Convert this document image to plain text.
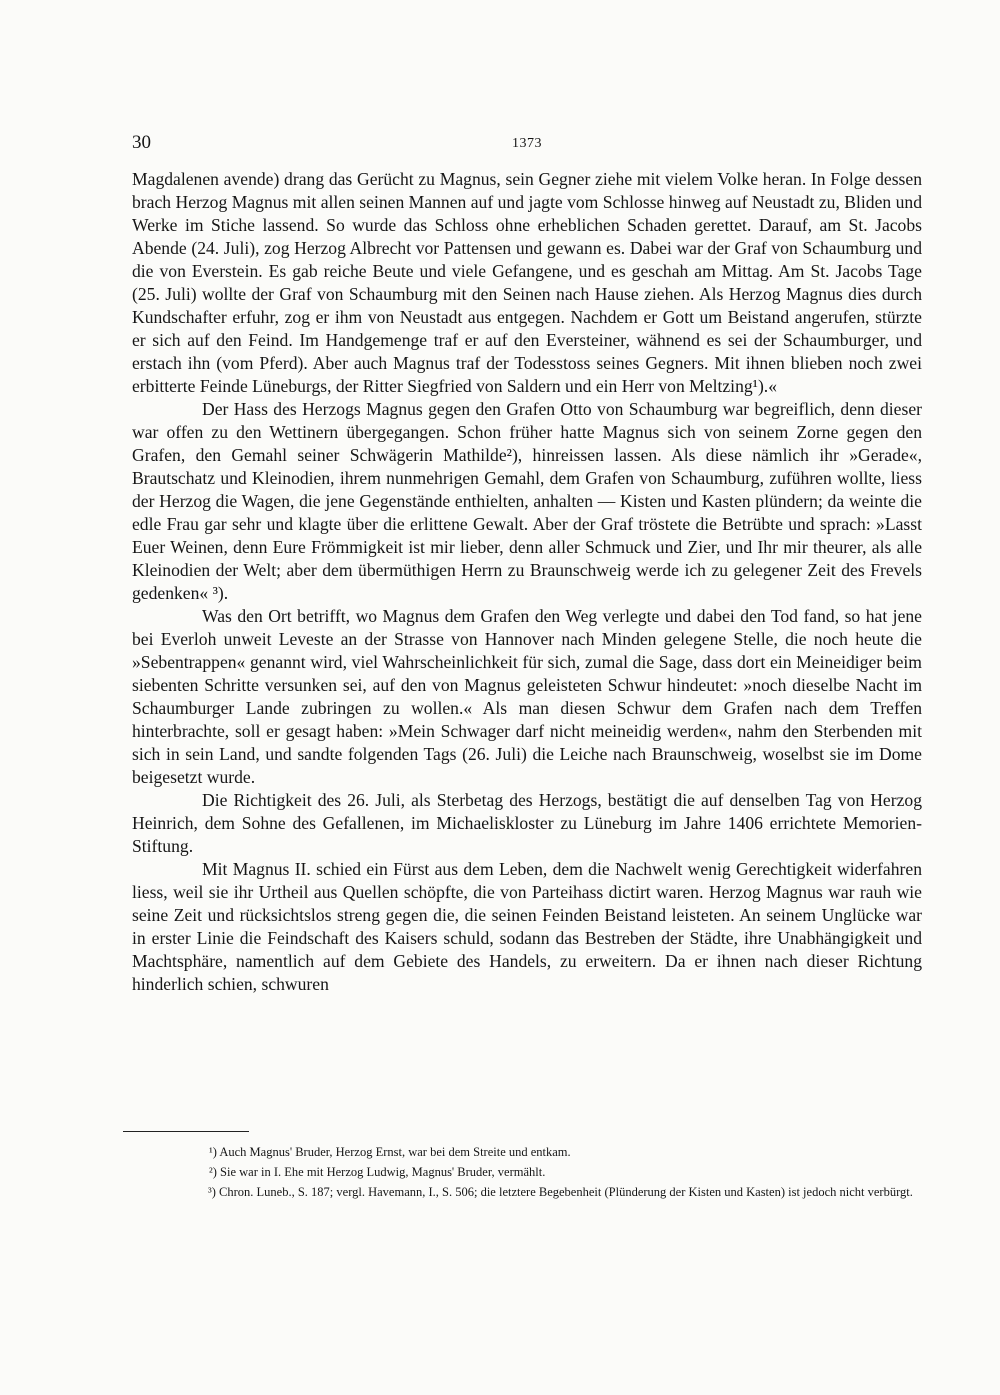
30	1373

Magdalenen avende) drang das Gerücht zu Magnus, sein Gegner ziehe mit vielem Volke heran. In Folge dessen brach Herzog Magnus mit allen seinen Mannen auf und jagte vom Schlosse hinweg auf Neustadt zu, Bliden und Werke im Stiche lassend. So wurde das Schloss ohne erheblichen Schaden gerettet. Darauf, am St. Jacobs Abende (24. Juli), zog Herzog Albrecht vor Pattensen und gewann es. Dabei war der Graf von Schaumburg und die von Everstein. Es gab reiche Beute und viele Gefangene, und es geschah am Mittag. Am St. Jacobs Tage (25. Juli) wollte der Graf von Schaumburg mit den Seinen nach Hause ziehen. Als Herzog Magnus dies durch Kundschafter erfuhr, zog er ihm von Neustadt aus entgegen. Nachdem er Gott um Beistand angerufen, stürzte er sich auf den Feind. Im Handgemenge traf er auf den Eversteiner, wähnend es sei der Schaumburger, und erstach ihn (vom Pferd). Aber auch Magnus traf der Todesstoss seines Gegners. Mit ihnen blieben noch zwei erbitterte Feinde Lüneburgs, der Ritter Siegfried von Saldern und ein Herr von Meltzing¹).«

Der Hass des Herzogs Magnus gegen den Grafen Otto von Schaumburg war begreiflich, denn dieser war offen zu den Wettinern übergegangen. Schon früher hatte Magnus sich von seinem Zorne gegen den Grafen, den Gemahl seiner Schwägerin Mathilde²), hinreissen lassen. Als diese nämlich ihr »Gerade«, Brautschatz und Kleinodien, ihrem nunmehrigen Gemahl, dem Grafen von Schaumburg, zuführen wollte, liess der Herzog die Wagen, die jene Gegenstände enthielten, anhalten — Kisten und Kasten plündern; da weinte die edle Frau gar sehr und klagte über die erlittene Gewalt. Aber der Graf tröstete die Betrübte und sprach: »Lasst Euer Weinen, denn Eure Frömmigkeit ist mir lieber, denn aller Schmuck und Zier, und Ihr mir theurer, als alle Kleinodien der Welt; aber dem übermüthigen Herrn zu Braunschweig werde ich zu gelegener Zeit des Frevels gedenken« ³).

Was den Ort betrifft, wo Magnus dem Grafen den Weg verlegte und dabei den Tod fand, so hat jene bei Everloh unweit Leveste an der Strasse von Hannover nach Minden gelegene Stelle, die noch heute die »Sebentrappen« genannt wird, viel Wahrscheinlichkeit für sich, zumal die Sage, dass dort ein Meineidiger beim siebenten Schritte versunken sei, auf den von Magnus geleisteten Schwur hindeutet: »noch dieselbe Nacht im Schaumburger Lande zubringen zu wollen.« Als man diesen Schwur dem Grafen nach dem Treffen hinterbrachte, soll er gesagt haben: »Mein Schwager darf nicht meineidig werden«, nahm den Sterbenden mit sich in sein Land, und sandte folgenden Tags (26. Juli) die Leiche nach Braunschweig, woselbst sie im Dome beigesetzt wurde.

Die Richtigkeit des 26. Juli, als Sterbetag des Herzogs, bestätigt die auf denselben Tag von Herzog Heinrich, dem Sohne des Gefallenen, im Michaeliskloster zu Lüneburg im Jahre 1406 errichtete Memorien-Stiftung.

Mit Magnus II. schied ein Fürst aus dem Leben, dem die Nachwelt wenig Gerechtigkeit widerfahren liess, weil sie ihr Urtheil aus Quellen schöpfte, die von Parteihass dictirt waren. Herzog Magnus war rauh wie seine Zeit und rücksichtslos streng gegen die, die seinen Feinden Beistand leisteten. An seinem Unglücke war in erster Linie die Feindschaft des Kaisers schuld, sodann das Bestreben der Städte, ihre Unabhängigkeit und Machtsphäre, namentlich auf dem Gebiete des Handels, zu erweitern. Da er ihnen nach dieser Richtung hinderlich schien, schwuren

¹) Auch Magnus' Bruder, Herzog Ernst, war bei dem Streite und entkam.

²) Sie war in I. Ehe mit Herzog Ludwig, Magnus' Bruder, vermählt.

³) Chron. Luneb., S. 187; vergl. Havemann, I., S. 506; die letztere Begebenheit (Plünderung der Kisten und Kasten) ist jedoch nicht verbürgt.
